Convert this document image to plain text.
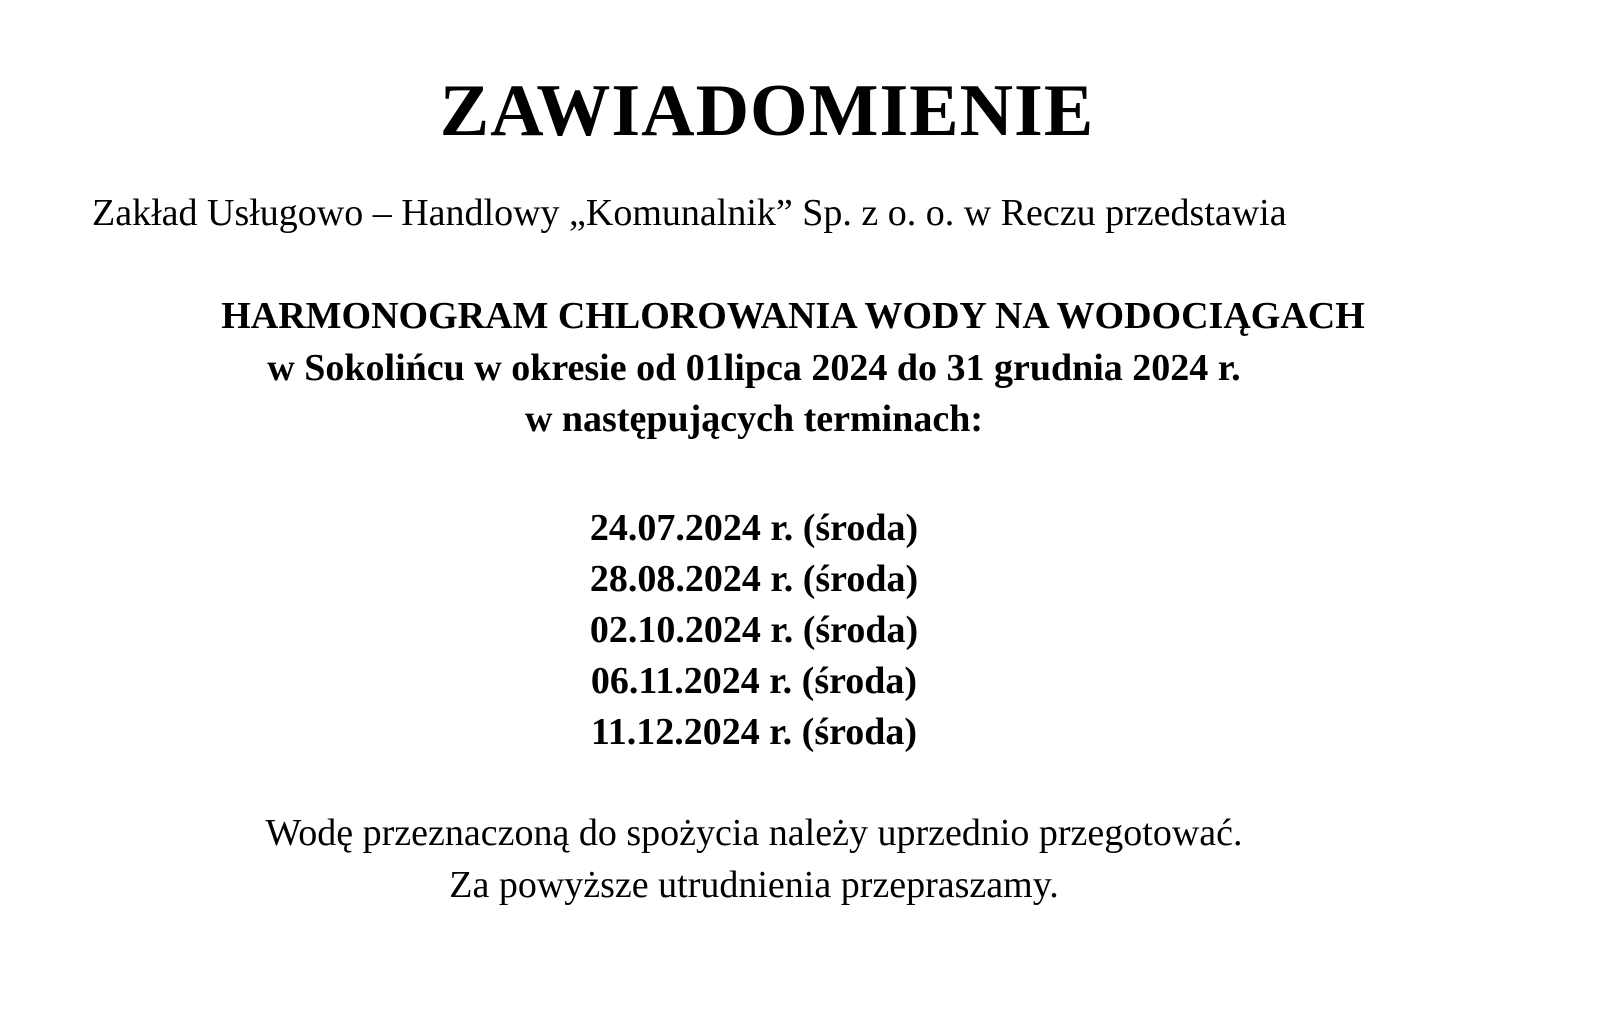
ZAWIADOMIENIE
Zakład Usługowo – Handlowy „Komunalnik” Sp. z o. o. w Reczu przedstawia
HARMONOGRAM CHLOROWANIA WODY NA WODOCIĄGACH
w Sokolińcu w okresie od 01lipca 2024 do 31 grudnia 2024 r.
w następujących terminach:
24.07.2024 r. (środa)
28.08.2024 r. (środa)
02.10.2024 r. (środa)
06.11.2024 r. (środa)
11.12.2024 r. (środa)
Wodę przeznaczoną do spożycia należy uprzednio przegotować.
Za powyższe utrudnienia przepraszamy.
